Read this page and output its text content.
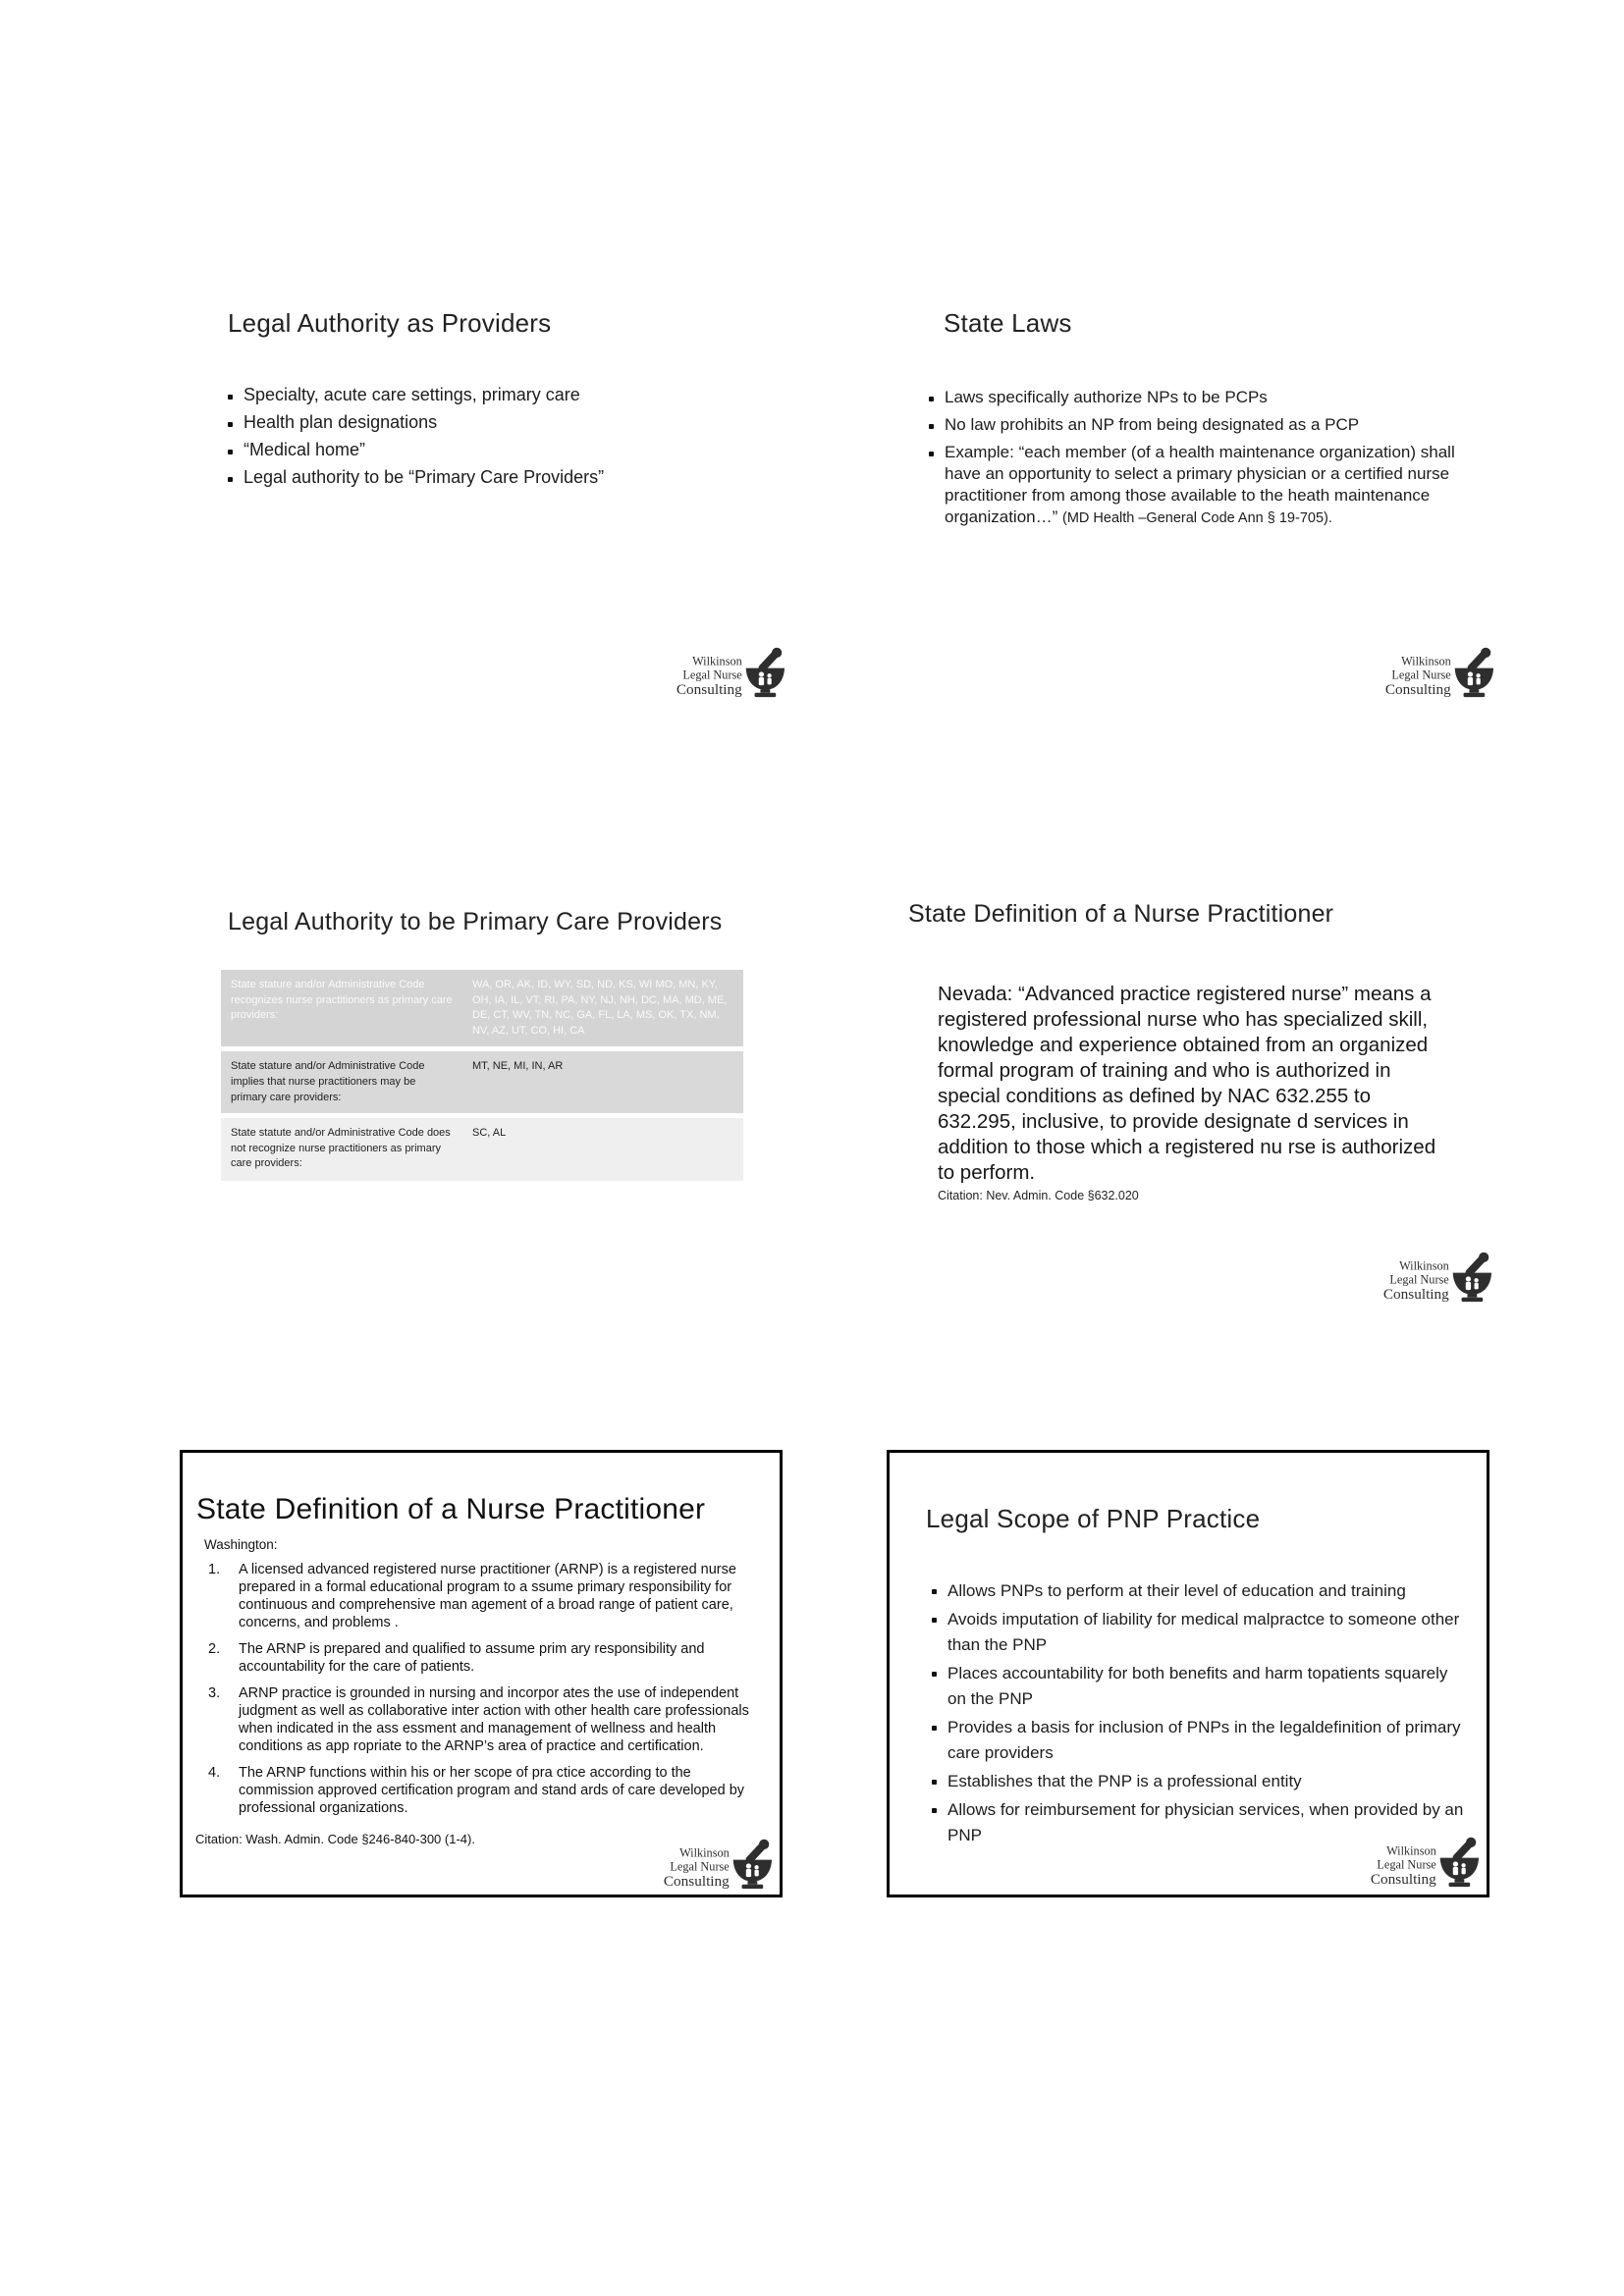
Legal Authority as Providers
Specialty, acute care settings, primary care
Health plan designations
“Medical home”
Legal authority to be “Primary Care Providers”
Wilkinson
Legal Nurse
Consulting
State Laws
Laws specifically authorize NPs to be PCPs
No law prohibits an NP from being designated as a PCP
Example: “each member (of a health maintenance organization) shall have an opportunity to select a primary physician or a certified nurse practitioner from among those available to the heath maintenance organization…” (MD Health –General Code Ann § 19-705).
Wilkinson
Legal Nurse
Consulting
Legal Authority to be Primary Care Providers
State stature and/or Administrative Code recognizes nurse practitioners as primary care providers:
WA, OR, AK, ID, WY, SD, ND, KS, WI MO, MN, KY, OH, IA, IL, VT, RI, PA, NY, NJ, NH, DC, MA, MD, ME, DE, CT, WV, TN, NC, GA, FL, LA, MS, OK, TX, NM, NV, AZ, UT, CO, HI, CA
State stature and/or Administrative Code implies that nurse practitioners may be primary care providers:
MT, NE, MI, IN, AR
State statute and/or Administrative Code does not recognize nurse practitioners as primary care providers:
SC, AL
State Definition of a Nurse Practitioner
Nevada: “Advanced practice registered nurse” means a registered professional nurse who has specialized skill, knowledge and experience obtained from an organized formal program of training and who is authorized in special conditions as defined by NAC 632.255 to 632.295, inclusive, to provide designate d services in addition to those which a registered nu rse is authorized to perform.
Citation: Nev. Admin. Code §632.020
Wilkinson
Legal Nurse
Consulting
State Definition of a Nurse Practitioner
Washington:
1. A licensed advanced registered nurse practitioner (ARNP) is a registered nurse prepared in a formal educational program to a ssume primary responsibility for continuous and comprehensive man agement of a broad range of patient care, concerns, and problems .
2. The ARNP is prepared and qualified to assume prim ary responsibility and accountability for the care of patients.
3. ARNP practice is grounded in nursing and incorpor ates the use of independent judgment as well as collaborative inter action with other health care professionals when indicated in the ass essment and management of wellness and health conditions as app ropriate to the ARNP’s area of practice and certification.
4. The ARNP functions within his or her scope of pra ctice according to the commission approved certification program and stand ards of care developed by professional organizations.
Citation: Wash. Admin. Code §246-840-300 (1-4).
Wilkinson
Legal Nurse
Consulting
Legal Scope of PNP Practice
Allows PNPs to perform at their level of education and training
Avoids imputation of liability for medical malpractce to someone other than the PNP
Places accountability for both benefits and harm topatients squarely on the PNP
Provides a basis for inclusion of PNPs in the legaldefinition of primary care providers
Establishes that the PNP is a professional entity
Allows for reimbursement for physician services, when provided by an PNP
Wilkinson
Legal Nurse
Consulting
